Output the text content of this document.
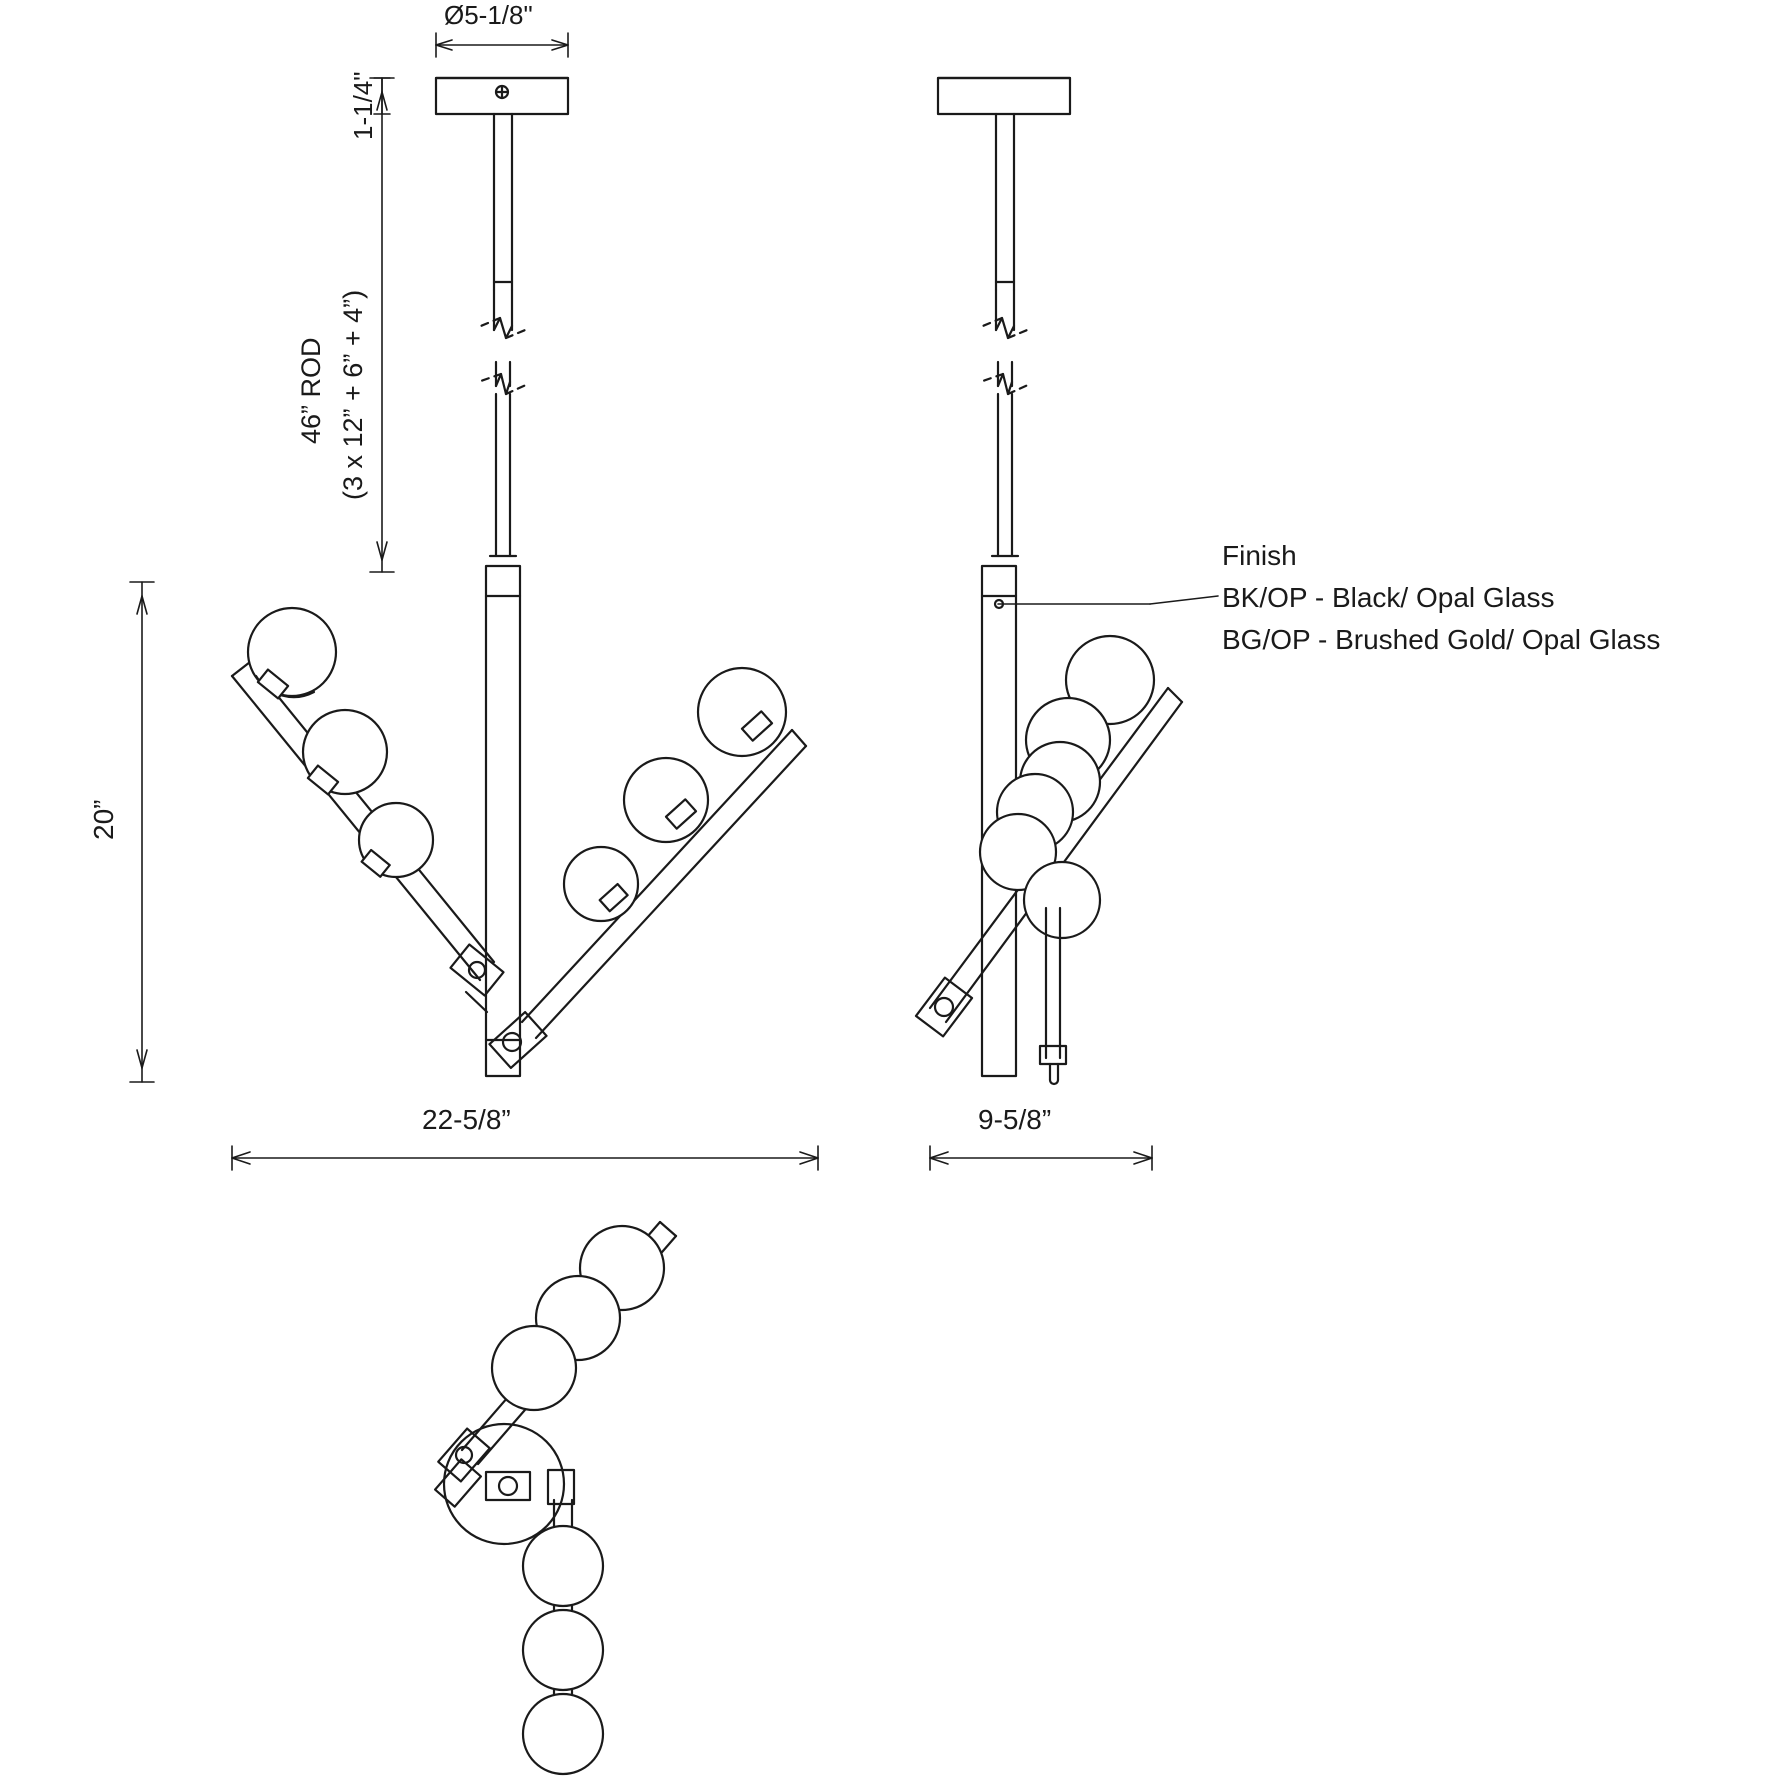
Ø5-1/8"
1-1/4"
46” ROD (3 x 12” + 6” + 4”)
20”
22-5/8”	9-5/8”
Finish
BK/OP - Black/ Opal Glass
BG/OP - Brushed Gold/ Opal Glass
